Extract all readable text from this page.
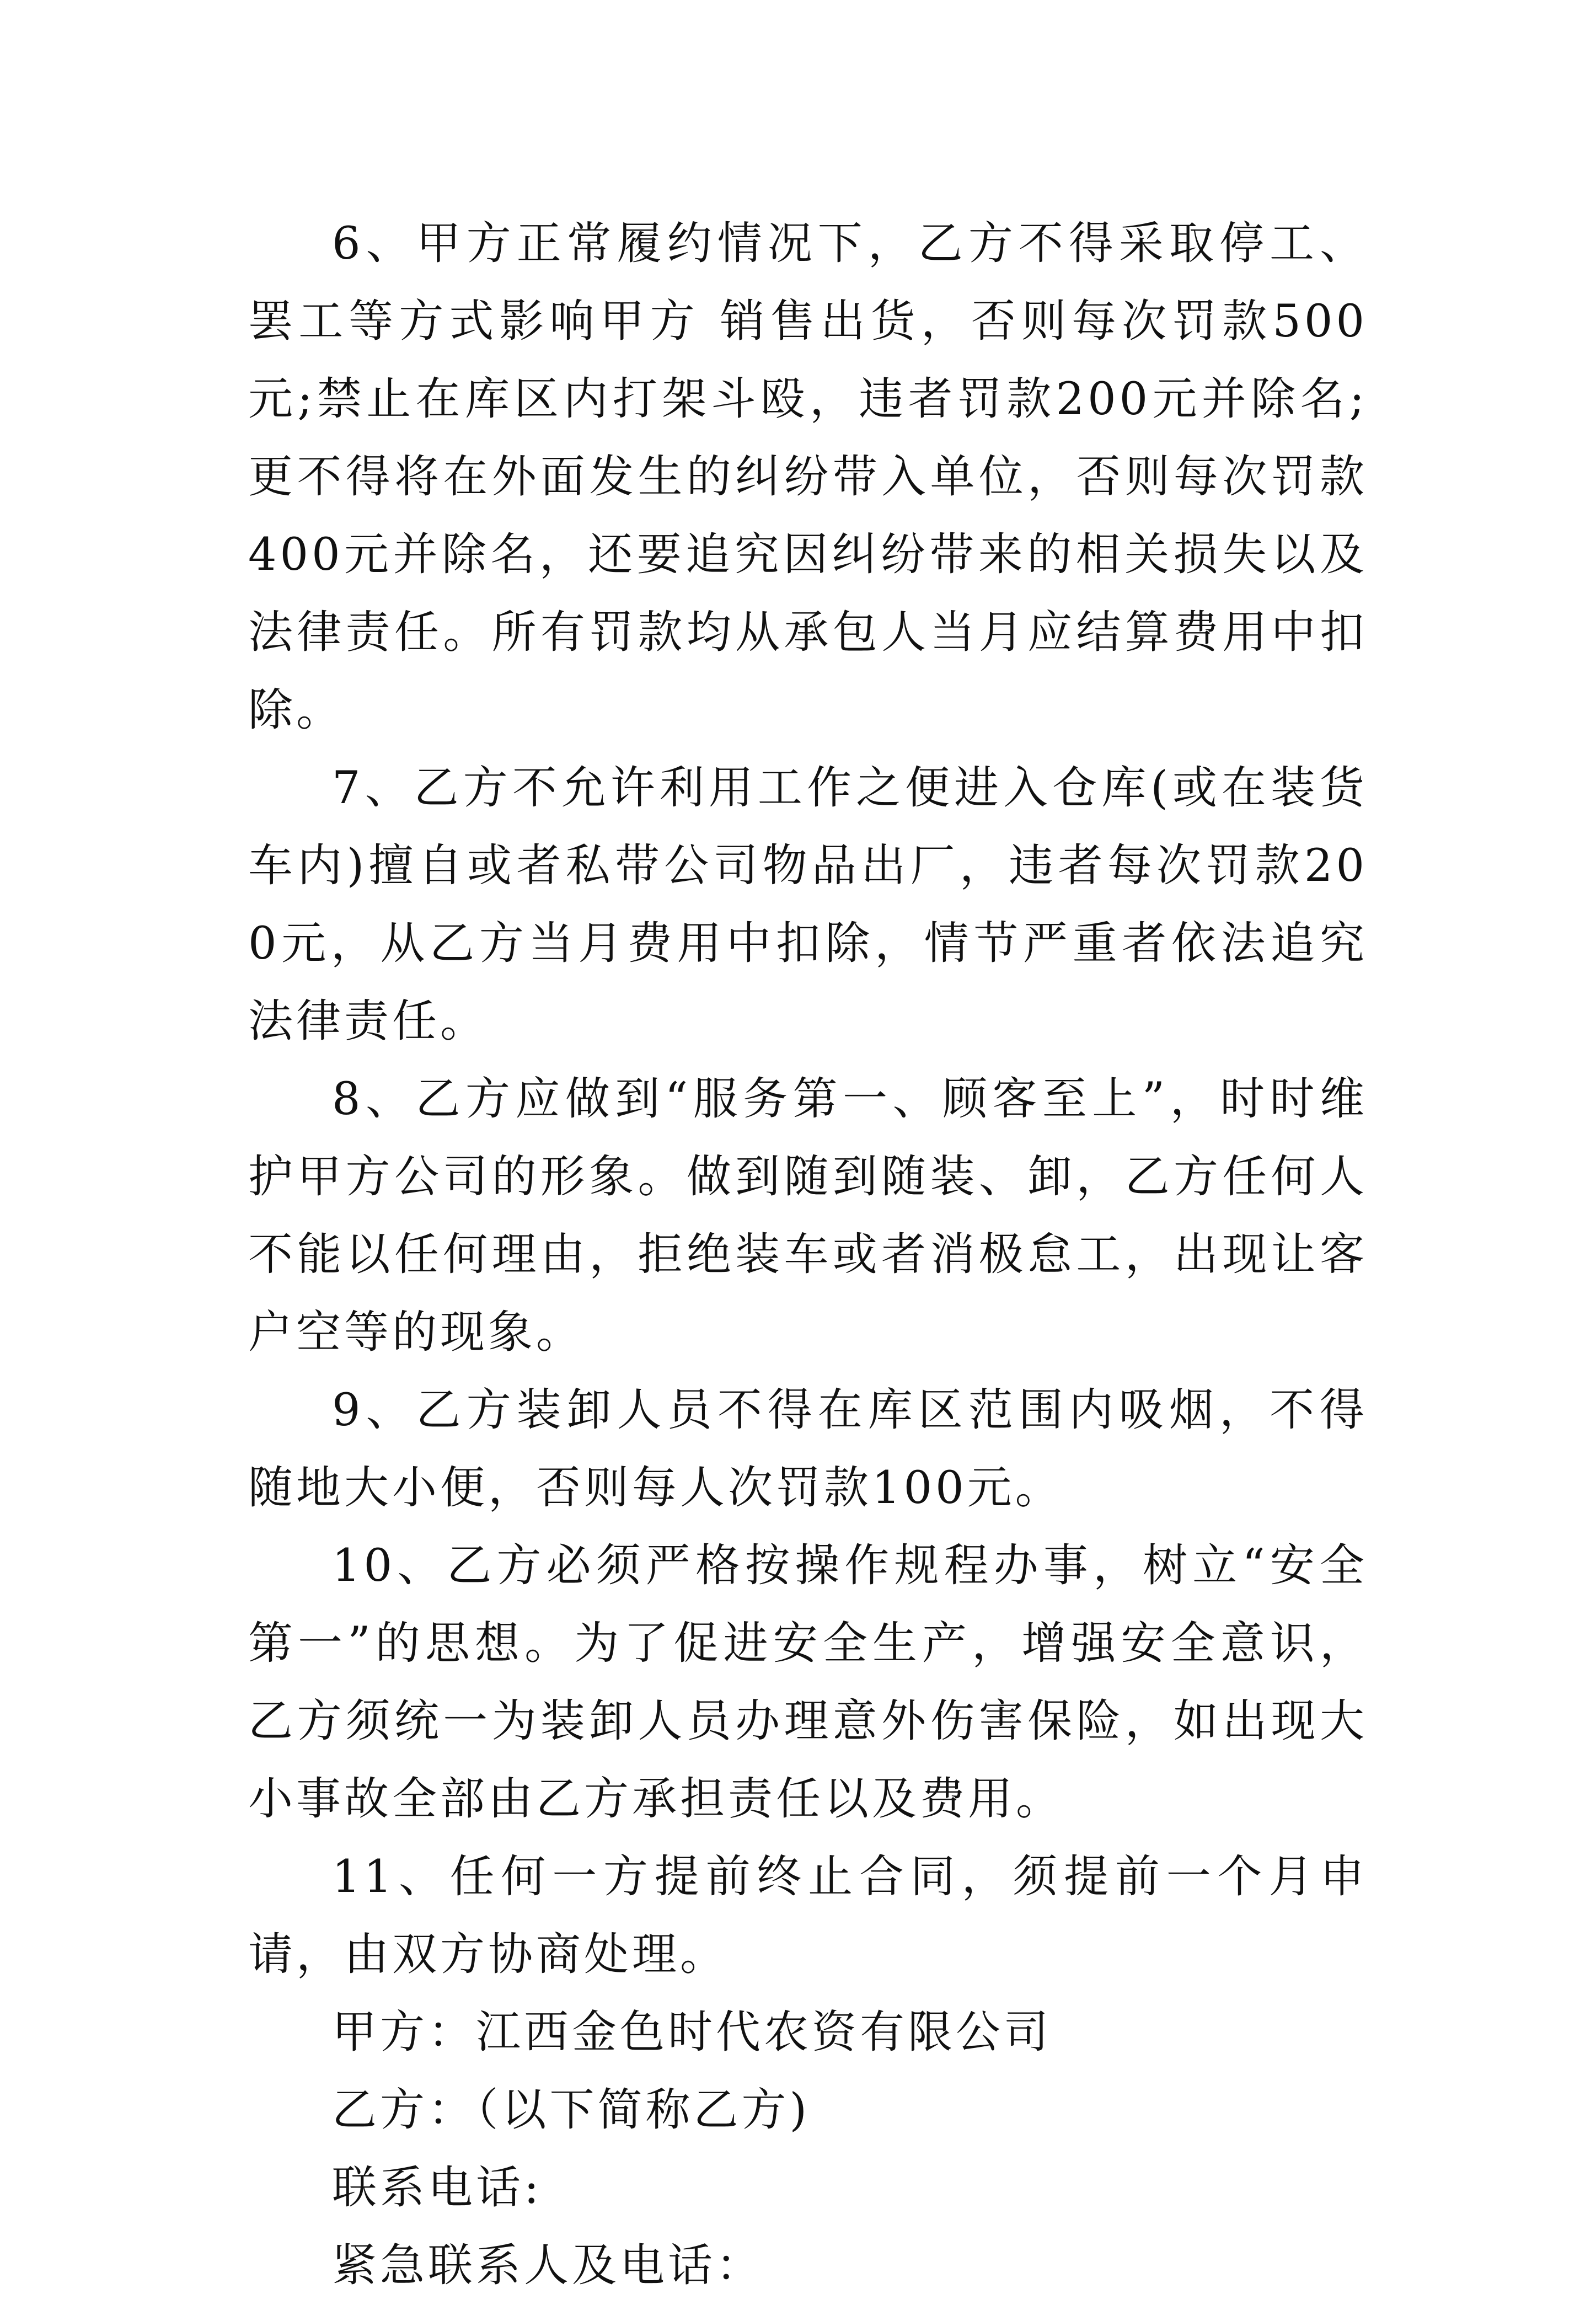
6、甲方正常履约情况下，乙方不得采取停工、罢工等方式影响甲方 销售出货，否则每次罚款500元;禁止在库区内打架斗殴，违者罚款200元并除名;更不得将在外面发生的纠纷带入单位，否则每次罚款400元并除名，还要追究因纠纷带来的相关损失以及法律责任。所有罚款均从承包人当月应结算费用中扣除。

7、乙方不允许利用工作之便进入仓库(或在装货车内)擅自或者私带公司物品出厂，违者每次罚款200元，从乙方当月费用中扣除，情节严重者依法追究法律责任。

8、乙方应做到“服务第一、顾客至上”，时时维护甲方公司的形象。做到随到随装、卸，乙方任何人不能以任何理由，拒绝装车或者消极怠工，出现让客户空等的现象。

9、乙方装卸人员不得在库区范围内吸烟，不得随地大小便，否则每人次罚款100元。

10、乙方必须严格按操作规程办事，树立“安全第一”的思想。为了促进安全生产，增强安全意识，乙方须统一为装卸人员办理意外伤害保险，如出现大小事故全部由乙方承担责任以及费用。

11、任何一方提前终止合同，须提前一个月申请，由双方协商处理。

甲方：江西金色时代农资有限公司

乙方：（以下简称乙方)

联系电话:

紧急联系人及电话：
